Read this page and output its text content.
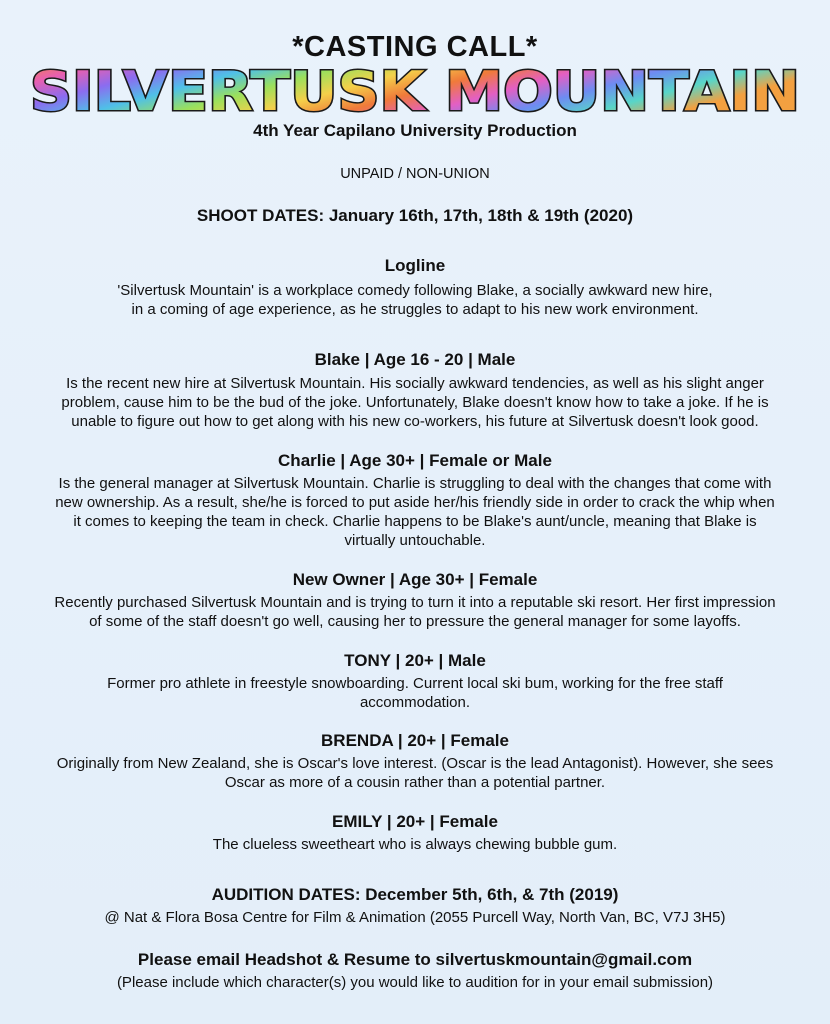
*CASTING CALL*
SILVERTUSK MOUNTAIN
4th Year Capilano University Production
UNPAID / NON-UNION
SHOOT DATES: January 16th, 17th, 18th & 19th (2020)
Logline
'Silvertusk Mountain' is a workplace comedy following Blake, a socially awkward new hire,
in a coming of age experience, as he struggles to adapt to his new work environment.
Blake | Age 16 - 20 | Male
Is the recent new hire at Silvertusk Mountain. His socially awkward tendencies, as well as his slight anger
problem, cause him to be the bud of the joke. Unfortunately, Blake doesn't know how to take a joke. If he is
unable to figure out how to get along with his new co-workers, his future at Silvertusk doesn't look good.
Charlie | Age 30+ | Female or Male
Is the general manager at Silvertusk Mountain. Charlie is struggling to deal with the changes that come with
new ownership. As a result, she/he is forced to put aside her/his friendly side in order to crack the whip when
it comes to keeping the team in check. Charlie happens to be Blake's aunt/uncle, meaning that Blake is
virtually untouchable.
New Owner | Age 30+ | Female
Recently purchased Silvertusk Mountain and is trying to turn it into a reputable ski resort. Her first impression
of some of the staff doesn't go well, causing her to pressure the general manager for some layoffs.
TONY | 20+ | Male
Former pro athlete in freestyle snowboarding. Current local ski bum, working for the free staff
accommodation.
BRENDA | 20+ | Female
Originally from New Zealand, she is Oscar's love interest. (Oscar is the lead Antagonist). However, she sees
Oscar as more of a cousin rather than a potential partner.
EMILY | 20+ | Female
The clueless sweetheart who is always chewing bubble gum.
AUDITION DATES: December 5th, 6th, & 7th (2019)
@ Nat & Flora Bosa Centre for Film & Animation (2055 Purcell Way, North Van, BC, V7J 3H5)
Please email Headshot & Resume to silvertuskmountain@gmail.com
(Please include which character(s) you would like to audition for in your email submission)
